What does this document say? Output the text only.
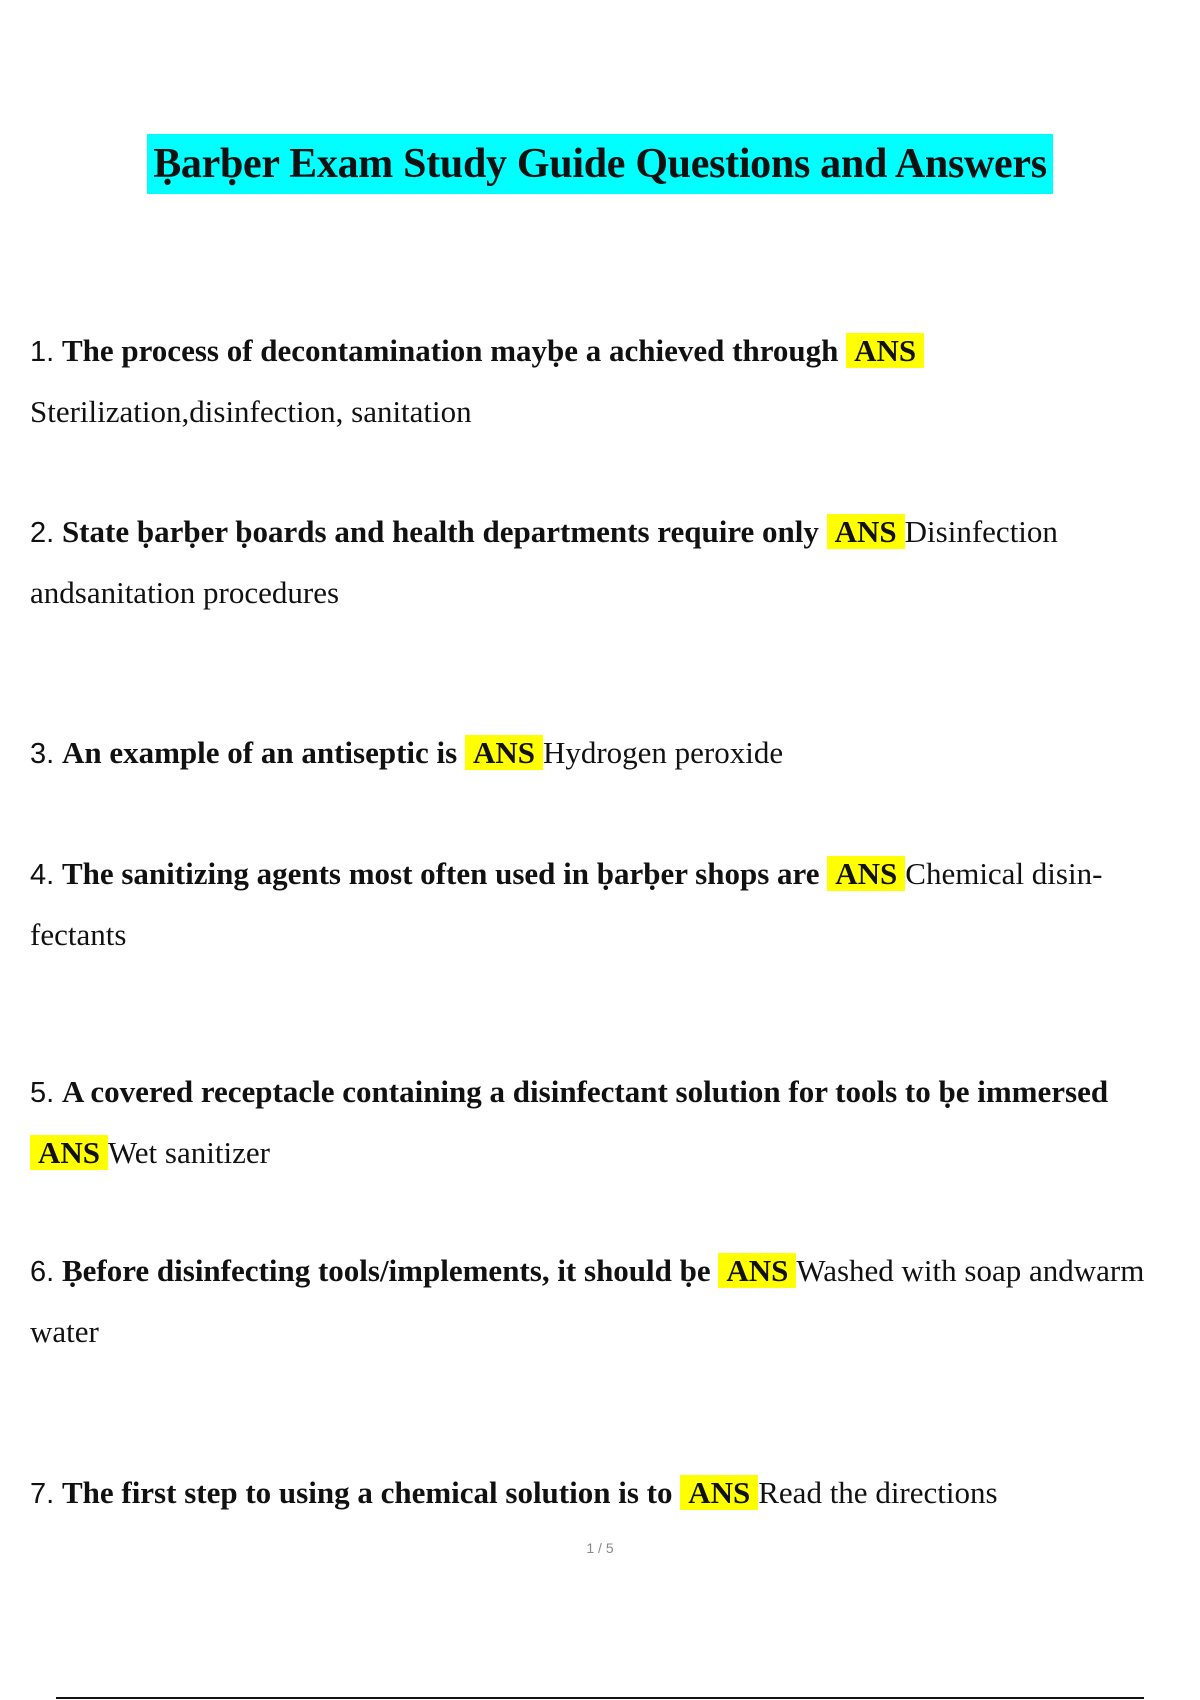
Ḅarḅer Exam Study Guide Questions and Answers
1. The process of decontamination mayḅe a achieved through ANS Sterilization,disinfection, sanitation
2. State ḅarḅer ḅoards and health departments require only ANS Disinfection andsanitation procedures
3. An example of an antiseptic is ANS Hydrogen peroxide
4. The sanitizing agents most often used in ḅarḅer shops are ANS Chemical disin-fectants
5. A covered receptacle containing a disinfectant solution for tools to ḅe immersed ANS Wet sanitizer
6. Ḅefore disinfecting tools/implements, it should ḅe ANS Washed with soap andwarm water
7. The first step to using a chemical solution is to ANS Read the directions
1 / 5
